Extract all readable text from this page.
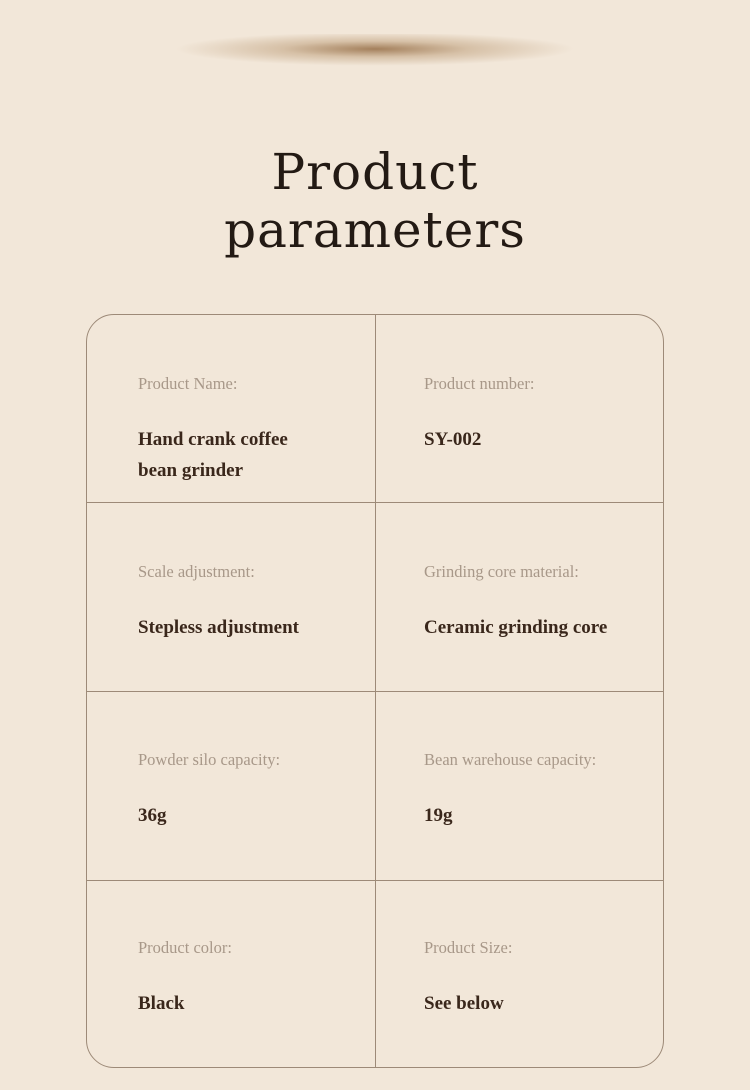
Product
parameters
Product Name:
Hand crank coffee bean grinder
Product number:
SY-002
Scale adjustment:
Stepless adjustment
Grinding core material:
Ceramic grinding core
Powder silo capacity:
36g
Bean warehouse capacity:
19g
Product color:
Black
Product Size:
See below
